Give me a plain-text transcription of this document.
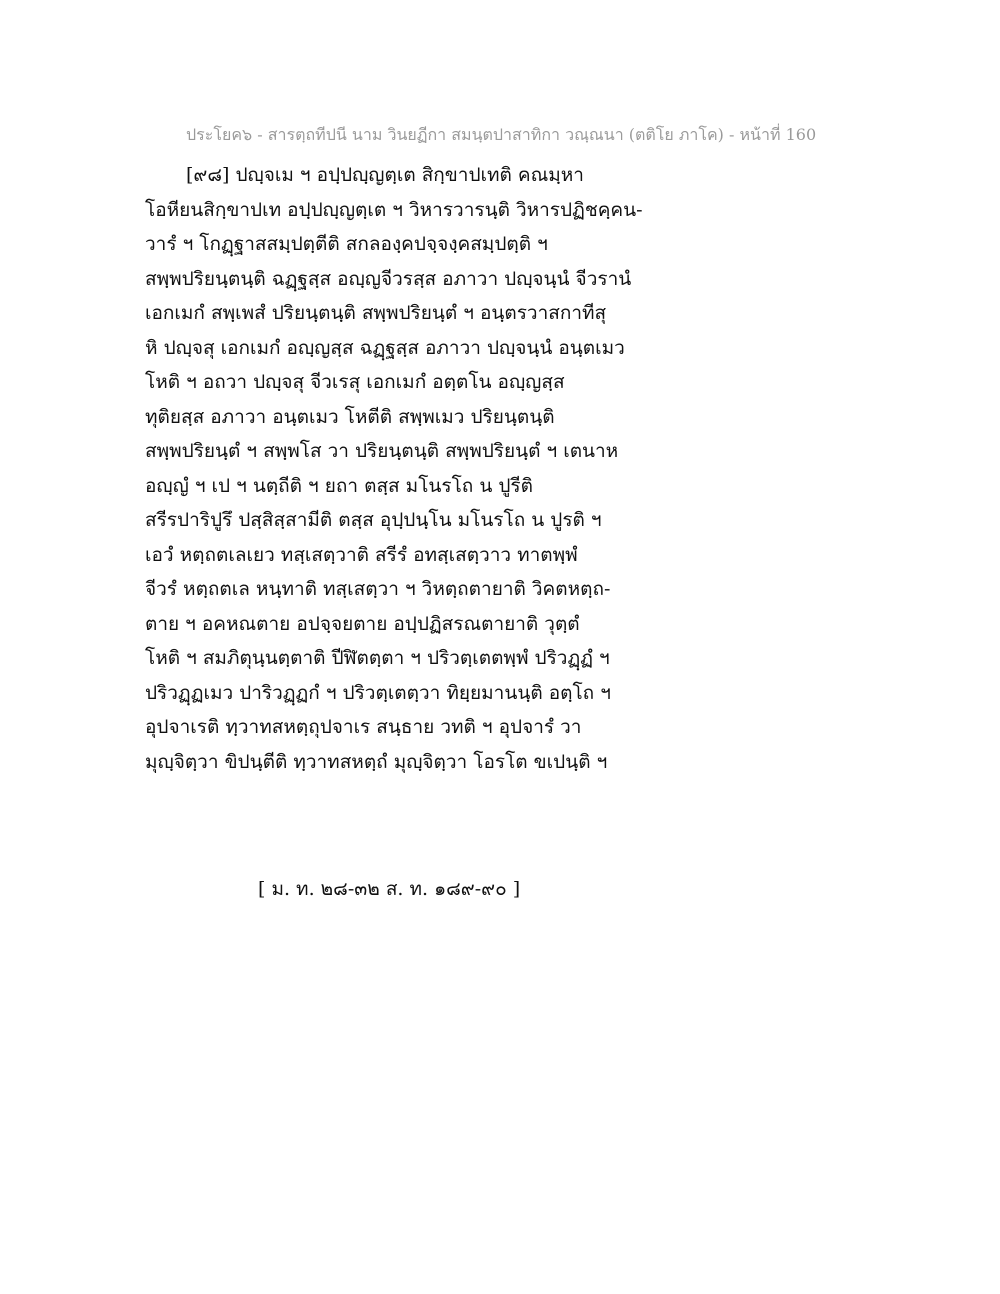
ประโยค๖ - สารตฺถทีปนี นาม วินยฏีกา สมนฺตปาสาทิกา วณฺณนา (ตติโย ภาโค) - หน้าที่ 160
[๙๘] ปญฺจเม ฯ อปฺปญฺญตฺเต สิกฺขาปเทติ คณมฺหา
โอหียนสิกฺขาปเท อปฺปญฺญตฺเต ฯ วิหารวารนฺติ วิหารปฏิชคฺคน-
วารํ ฯ โกฏฺฐาสสมฺปตฺตีติ สกลองฺคปจฺจงฺคสมฺปตฺติ ฯ
สพฺพปริยนฺตนฺติ ฉฏฺฐสฺส อญฺญจีวรสฺส อภาวา ปญฺจนฺนํ จีวรานํ
เอกเมกํ สพฺเพสํ ปริยนฺตนฺติ สพฺพปริยนฺตํ ฯ อนฺตรวาสกาทีสุ
หิ ปญฺจสุ เอกเมกํ อญฺญสฺส ฉฏฺฐสฺส อภาวา ปญฺจนฺนํ อนฺตเมว
โหติ ฯ อถวา ปญฺจสุ จีวเรสุ เอกเมกํ อตฺตโน อญฺญสฺส
ทุติยสฺส อภาวา อนฺตเมว โหตีติ สพฺพเมว ปริยนฺตนฺติ
สพฺพปริยนฺตํ ฯ สพฺพโส วา ปริยนฺตนฺติ สพฺพปริยนฺตํ ฯ เตนาห
อญฺญํ ฯ เป ฯ นตฺถีติ ฯ ยถา ตสฺส มโนรโถ น ปูรีติ
สรีรปาริปูรึ ปสฺสิสฺสามีติ ตสฺส อุปฺปนฺโน มโนรโถ น ปูรติ ฯ
เอวํ หตฺถตเลเยว ทสฺเสตฺวาติ สรีรํ อทสฺเสตฺวาว ทาตพฺพํ
จีวรํ หตฺถตเล หนฺทาติ ทสฺเสตฺวา ฯ วิหตฺถตายาติ วิคตหตฺถ-
ตาย ฯ อคหณตาย อปจฺจยตาย อปฺปฏิสรณตายาติ วุตฺตํ
โหติ ฯ สมภิตุนฺนตฺตาติ ปีฬิตตฺตา ฯ ปริวตฺเตตพฺพํ ปริวฏฺฏํ ฯ
ปริวฏฺฏเมว ปาริวฏฺฏกํ ฯ ปริวตฺเตตฺวา ทิยฺยมานนฺติ อตฺโถ ฯ
อุปจาเรติ ทฺวาทสหตฺถุปจาเร สนฺธาย วทติ ฯ อุปจารํ วา
มุญฺจิตฺวา ขิปนฺตีติ ทฺวาทสหตฺถํ มุญฺจิตฺวา โอรโต ขเปนฺติ ฯ
[ ม. ท. ๒๘-๓๒ ส. ท. ๑๘๙-๙๐ ]
